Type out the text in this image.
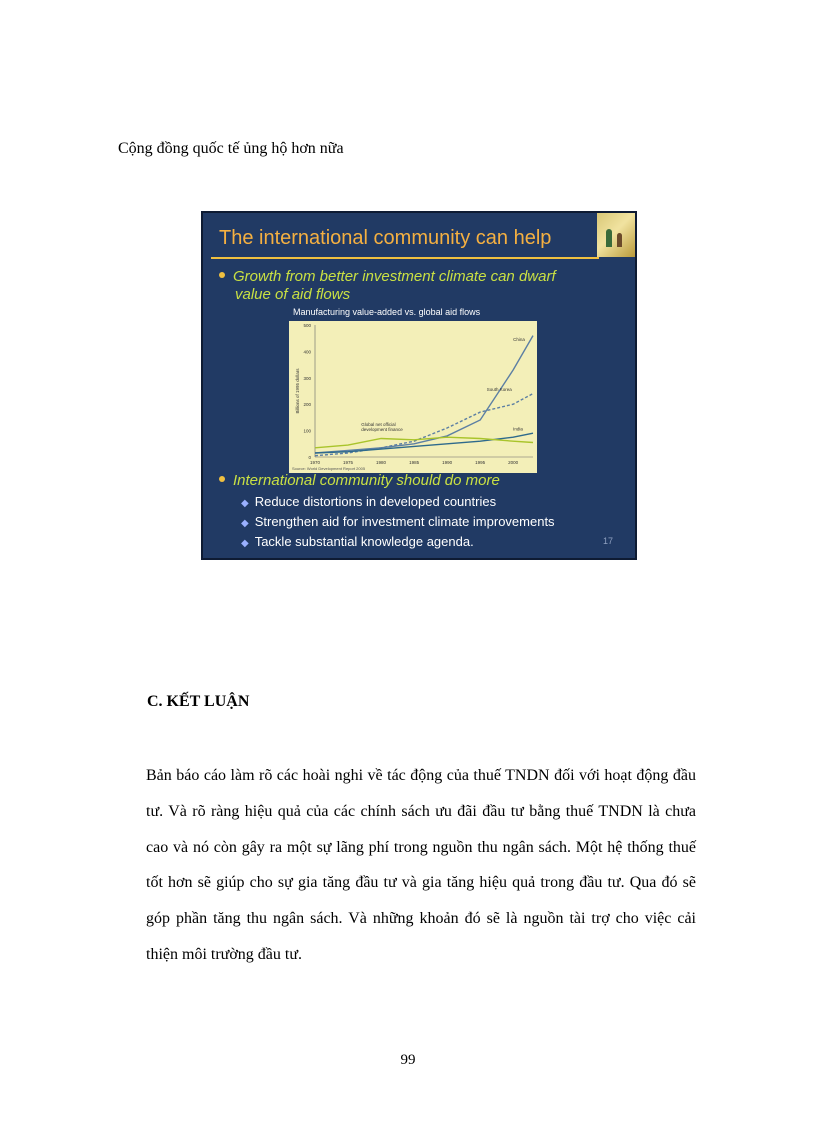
Cộng đồng quốc tế ủng hộ hơn nữa
The international community can help
Growth from better investment climate can dwarf
value of aid flows
Manufacturing value-added vs. global aid flows
0
100
200
300
400
500
1970	1975	1980	1985	1990	1995	2000
Billions of 1995 dollars
Source: World Development Report 2005
China
South Korea
India
Global net official development finance
International community should do more
◆ Reduce distortions in developed countries
◆ Strengthen aid for investment climate improvements
◆ Tackle substantial knowledge agenda.	17
C. KẾT LUẬN
Bản báo cáo làm rõ các hoài nghi về tác động của thuế TNDN đối với hoạt động đầu tư. Và rõ ràng hiệu quả của các chính sách ưu đãi đầu tư bằng thuế TNDN là chưa cao và nó còn gây ra một sự lãng phí trong nguồn thu ngân sách. Một hệ thống thuế tốt hơn sẽ giúp cho sự gia tăng đầu tư và gia tăng hiệu quả trong đầu tư. Qua đó sẽ góp phần tăng thu ngân sách. Và những khoản đó sẽ là nguồn tài trợ cho việc cải thiện môi trường đầu tư.
99
